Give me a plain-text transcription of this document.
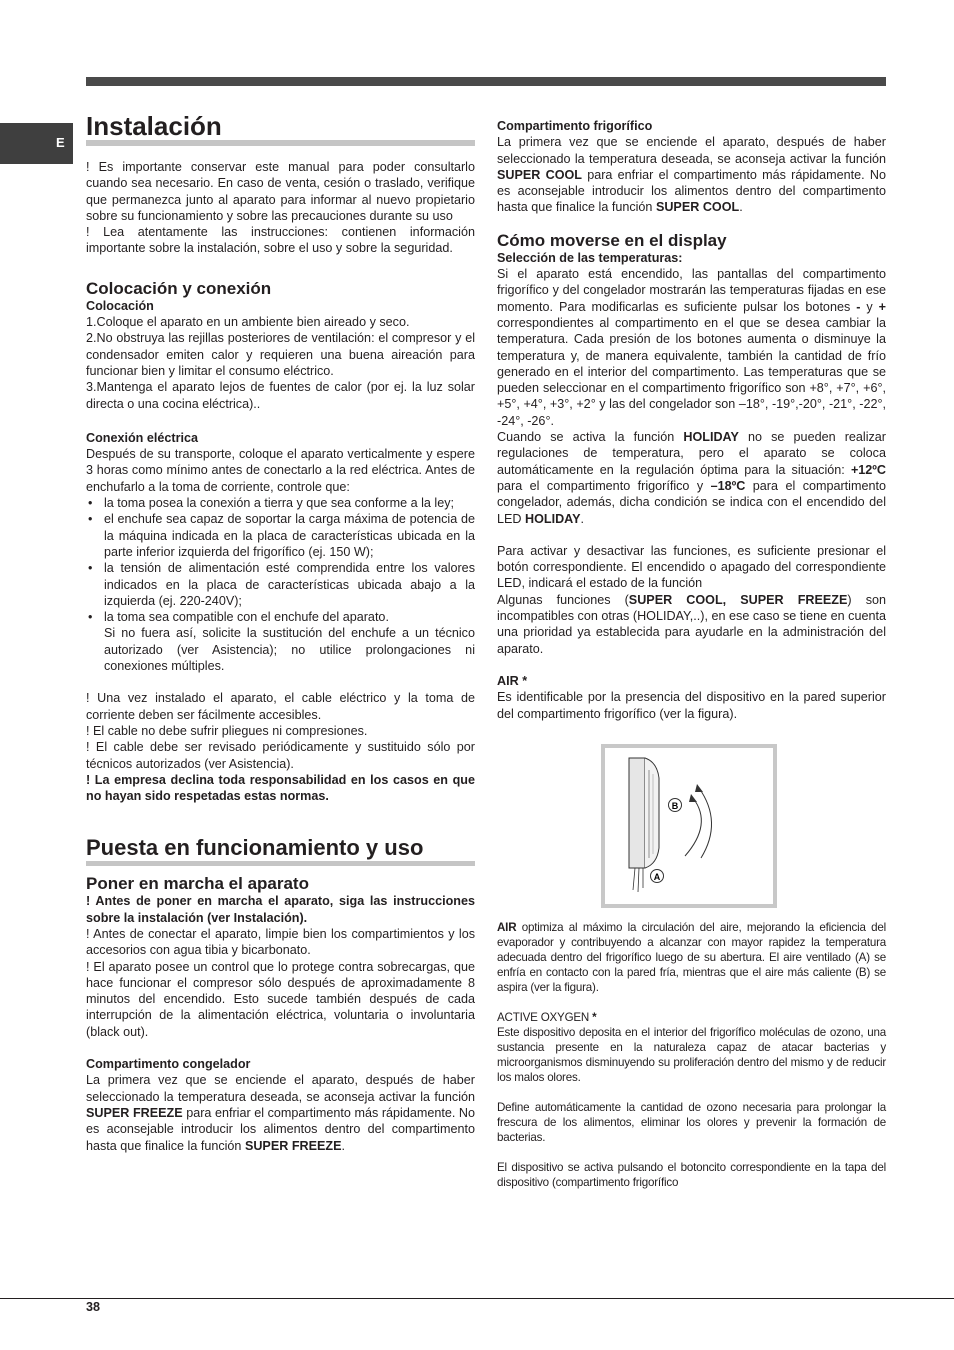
E
Instalación

! Es importante conservar este manual para poder consultarlo cuando sea necesario. En caso de venta, cesión o traslado, verifique que permanezca junto al aparato para informar al nuevo propietario sobre su funcionamiento y sobre las precauciones durante su uso

! Lea atentamente las instrucciones: contienen información importante sobre la instalación, sobre el uso y sobre la seguridad.

Colocación y conexión
Colocación

1.Coloque el aparato en un ambiente bien aireado y seco.

2.No obstruya las rejillas posteriores de ventilación: el compresor y el condensador emiten calor y requieren una buena aireación para funcionar bien y limitar el consumo eléctrico.

3.Mantenga el aparato lejos de fuentes de calor (por ej. la luz solar directa o una cocina eléctrica)..

Conexión eléctrica

Después de su transporte, coloque el aparato verticalmente y espere 3 horas como mínimo antes de conectarlo a la red eléctrica. Antes de enchufarlo a la toma de corriente, controle que:

• la toma posea la conexión a tierra y que sea conforme a la ley;
• el enchufe sea capaz de soportar la carga máxima de potencia de la máquina indicada en la placa de características ubicada en la parte inferior izquierda del frigorífico (ej. 150 W);
• la tensión de alimentación esté comprendida entre los valores indicados en la placa de características ubicada abajo a la izquierda (ej. 220-240V);
• la toma sea compatible con el enchufe del aparato.

Si no fuera así, solicite la sustitución del enchufe a un técnico autorizado (ver Asistencia); no utilice prolongaciones ni conexiones múltiples.

! Una vez instalado el aparato, el cable eléctrico y la toma de corriente deben ser fácilmente accesibles.

! El cable no debe sufrir pliegues ni compresiones.

! El cable debe ser revisado periódicamente y sustituido sólo por técnicos autorizados (ver Asistencia).

! La empresa declina toda responsabilidad en los casos en que no hayan sido respetadas estas normas.

Puesta en funcionamiento y uso
Poner en marcha el aparato

! Antes de poner en marcha el aparato, siga las instrucciones sobre la instalación (ver Instalación).

! Antes de conectar el aparato, limpie bien los compartimientos y los accesorios con agua tibia y bicarbonato.

! El aparato posee un control que lo protege contra sobrecargas, que hace funcionar el compresor sólo después de aproximadamente 8 minutos del encendido. Esto sucede también después de cada interrupción de la alimentación eléctrica, voluntaria o involuntaria (black out).

Compartimento congelador

La primera vez que se enciende el aparato, después de haber seleccionado la temperatura deseada, se aconseja activar la función SUPER FREEZE para enfriar el compartimento más rápidamente. No es aconsejable introducir los alimentos dentro del compartimento hasta que finalice la función SUPER FREEZE.

Compartimento frigorífico

La primera vez que se enciende el aparato, después de haber seleccionado la temperatura deseada, se aconseja activar la función SUPER COOL para enfriar el compartimento más rápidamente. No es aconsejable introducir los alimentos dentro del compartimento hasta que finalice la función SUPER COOL.

Cómo moverse en el display
Selección de las temperaturas:

Si el aparato está encendido, las pantallas del compartimento frigorífico y del congelador mostrarán las temperaturas fijadas en ese momento. Para modificarlas es suficiente pulsar los botones - y + correspondientes al compartimento en el que se desea cambiar la temperatura. Cada presión de los botones aumenta o disminuye la temperatura y, de manera equivalente, también la cantidad de frío generado en el interior del compartimento. Las temperaturas que se pueden seleccionar en el compartimento frigorífico son +8°, +7°, +6°, +5°, +4°, +3°, +2° y las del congelador son –18°, -19°,-20°, -21°, -22°, -24°, -26°.

Cuando se activa la función HOLIDAY no se pueden realizar regulaciones de temperatura, pero el aparato se coloca automáticamente en la regulación óptima para la situación: +12ºC para el compartimento frigorífico y –18ºC para el compartimento congelador, además, dicha condición se indica con el encendido del LED HOLIDAY.

Para activar y desactivar las funciones, es suficiente presionar el botón correspondiente. El encendido o apagado del correspondiente LED, indicará el estado de la función

Algunas funciones (SUPER COOL, SUPER FREEZE) son incompatibles con otras (HOLIDAY,..), en ese caso se tiene en cuenta una prioridad ya establecida para ayudarle en la administración del aparato.

AIR *

Es identificable por la presencia del dispositivo en la pared superior del compartimento frigorífico (ver la figura).

B
A

AIR optimiza al máximo la circulación del aire, mejorando la eficiencia del evaporador y contribuyendo a alcanzar con mayor rapidez la temperatura adecuada dentro del frigorífico luego de su abertura. El aire ventilado (A) se enfría en contacto con la pared fría, mientras que el aire más caliente (B) se aspira (ver la figura).

ACTIVE OXYGEN *

Este dispositivo deposita en el interior del frigorífico moléculas de ozono, una sustancia presente en la naturaleza capaz de atacar bacterias y microorganismos disminuyendo su proliferación dentro del mismo y de reducir los malos olores.

Define automáticamente la cantidad de ozono necesaria para prolongar la frescura de los alimentos, eliminar los olores y prevenir la formación de bacterias.

El dispositivo se activa pulsando el botoncito correspondiente en la tapa del dispositivo (compartimento frigorífico

38
